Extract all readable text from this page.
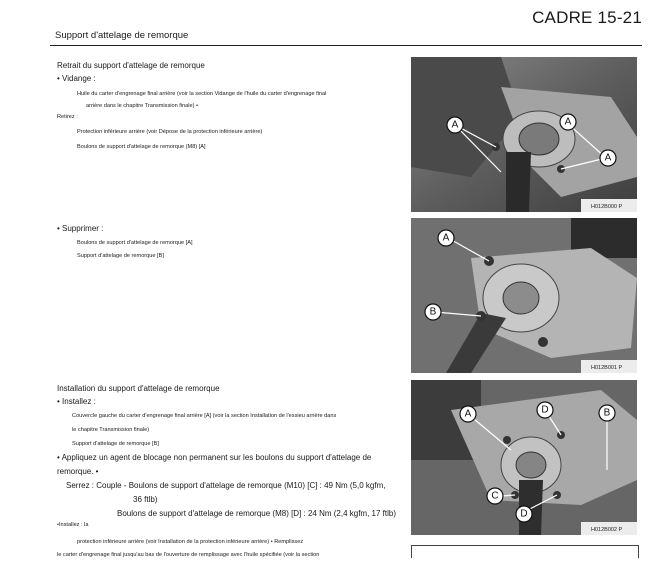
CADRE 15-21
Support d'attelage de remorque
Retrait du support d'attelage de remorque
• Vidange :
Huile du carter d'engrenage final arrière (voir la section Vidange de l'huile du carter d'engrenage final
arrière dans le chapitre Transmission finale) •
Retirez :
Protection inférieure arrière (voir Dépose de la protection inférieure arrière)
Boulons de support d'attelage de remorque (M8) [A]
• Supprimer :
Boulons de support d'attelage de remorque [A]
Support d'attelage de remorque [B]
Installation du support d'attelage de remorque
• Installez :
Couvercle gauche du carter d'engrenage final arrière [A] (voir la section Installation de l'essieu arrière dans
le chapitre Transmission finale)
Support d'attelage de remorque [B]
• Appliquez un agent de blocage non permanent sur les boulons du support d'attelage de
remorque. •
Serrez : Couple - Boulons de support d'attelage de remorque (M10) [C] : 49 Nm (5,0 kgfm,
36 ftlb)
Boulons de support d'attelage de remorque (M8) [D] : 24 Nm (2,4 kgfm, 17 ftlb)
•Installez : la
protection inférieure arrière (voir Installation de la protection inférieure arrière) • Remplissez
le carter d'engrenage final jusqu'au bas de l'ouverture de remplissage avec l'huile spécifiée (voir la section
A	A
A
H012B000 P
A
B
H012B001 P
A	D	B
C
D
H012B002 P
